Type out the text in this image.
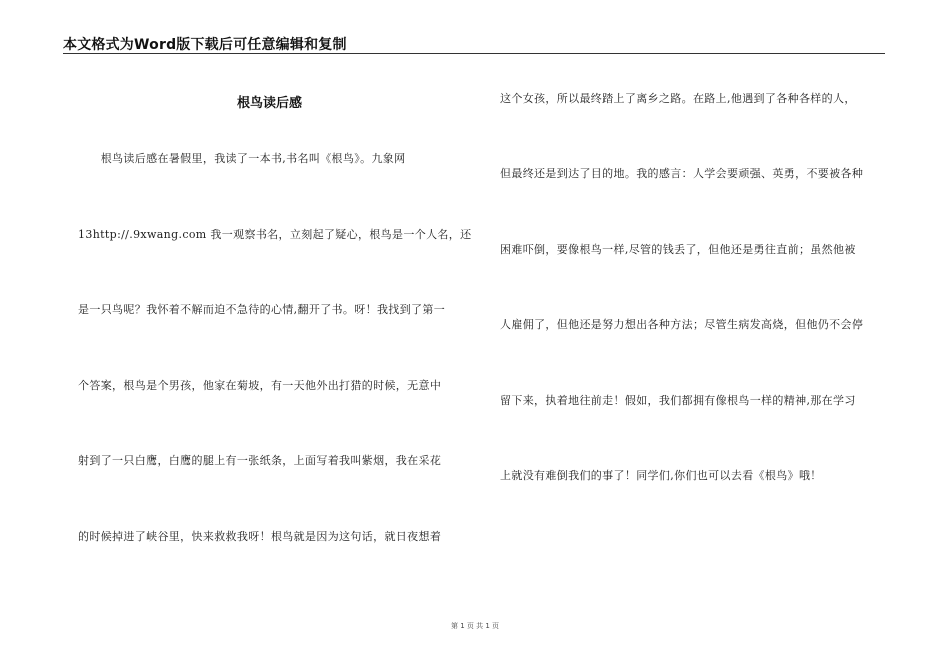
本文格式为Word版下载后可任意编辑和复制
根鸟读后感
　　根鸟读后感在暑假里，我读了一本书,书名叫《根鸟》。九象网
13http://.9xwang.com 我一观察书名，立刻起了疑心，根鸟是一个人名，还
是一只鸟呢？我怀着不解而迫不急待的心情,翻开了书。呀！我找到了第一
个答案，根鸟是个男孩，他家在菊坡，有一天他外出打猎的时候，无意中
射到了一只白鹰，白鹰的腿上有一张纸条，上面写着我叫紫烟，我在采花
的时候掉进了峡谷里，快来救救我呀！根鸟就是因为这句话，就日夜想着
这个女孩，所以最终踏上了离乡之路。在路上,他遇到了各种各样的人，
但最终还是到达了目的地。我的感言：人学会要顽强、英勇，不要被各种
困难吓倒，要像根鸟一样,尽管的钱丢了，但他还是勇往直前；虽然他被
人雇佣了，但他还是努力想出各种方法；尽管生病发高烧，但他仍不会停
留下来，执着地往前走！假如，我们都拥有像根鸟一样的精神,那在学习
上就没有难倒我们的事了！同学们,你们也可以去看《根鸟》哦！
第 1 页 共 1 页
